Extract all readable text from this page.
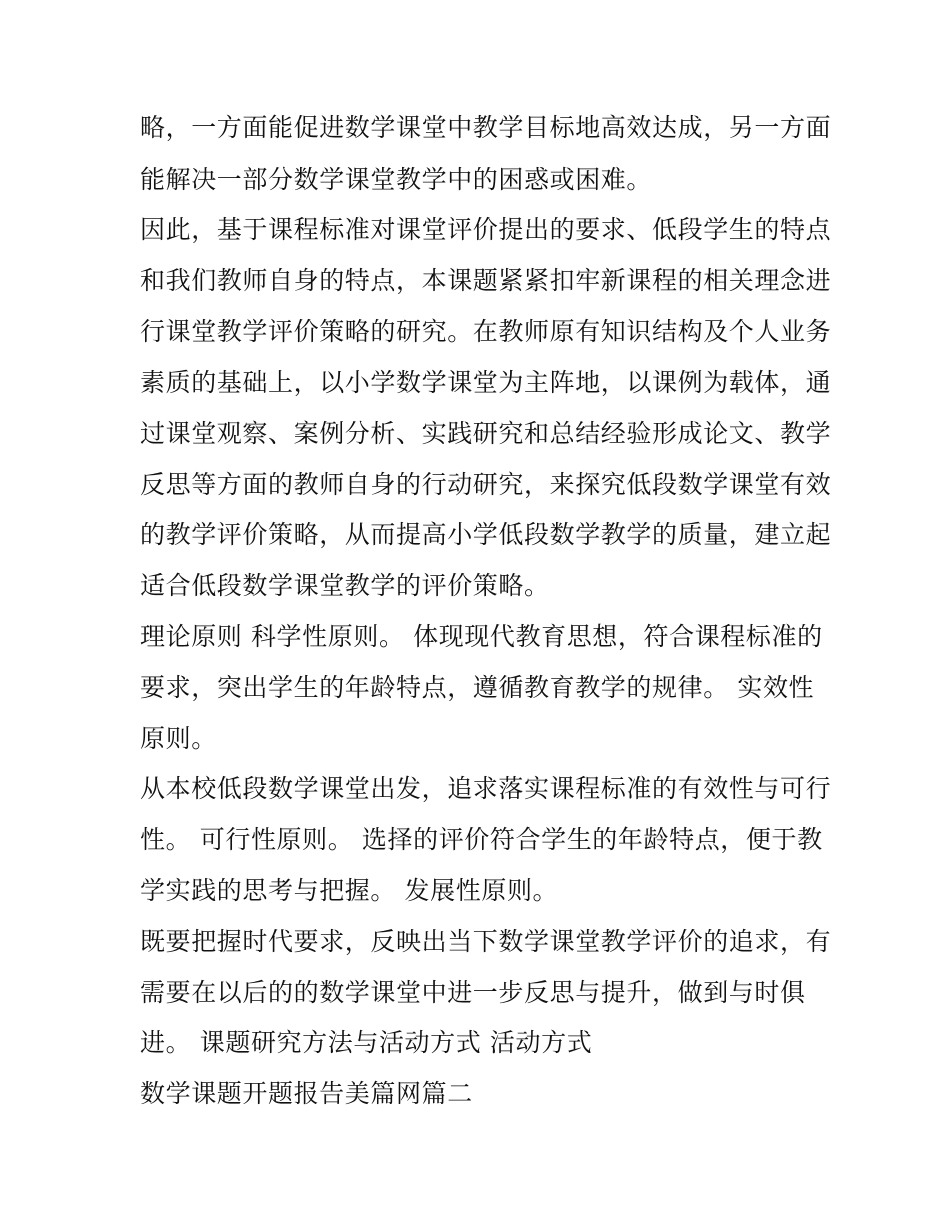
略，一方面能促进数学课堂中教学目标地高效达成，另一方面
能解决一部分数学课堂教学中的困惑或困难。
因此，基于课程标准对课堂评价提出的要求、低段学生的特点
和我们教师自身的特点，本课题紧紧扣牢新课程的相关理念进
行课堂教学评价策略的研究。在教师原有知识结构及个人业务
素质的基础上，以小学数学课堂为主阵地，以课例为载体，通
过课堂观察、案例分析、实践研究和总结经验形成论文、教学
反思等方面的教师自身的行动研究，来探究低段数学课堂有效
的教学评价策略，从而提高小学低段数学教学的质量，建立起
适合低段数学课堂教学的评价策略。
理论原则 科学性原则。 体现现代教育思想，符合课程标准的
要求，突出学生的年龄特点，遵循教育教学的规律。 实效性
原则。
从本校低段数学课堂出发，追求落实课程标准的有效性与可行
性。 可行性原则。 选择的评价符合学生的年龄特点，便于教
学实践的思考与把握。 发展性原则。
既要把握时代要求，反映出当下数学课堂教学评价的追求，有
需要在以后的的数学课堂中进一步反思与提升，做到与时俱
进。 课题研究方法与活动方式 活动方式
数学课题开题报告美篇网篇二
